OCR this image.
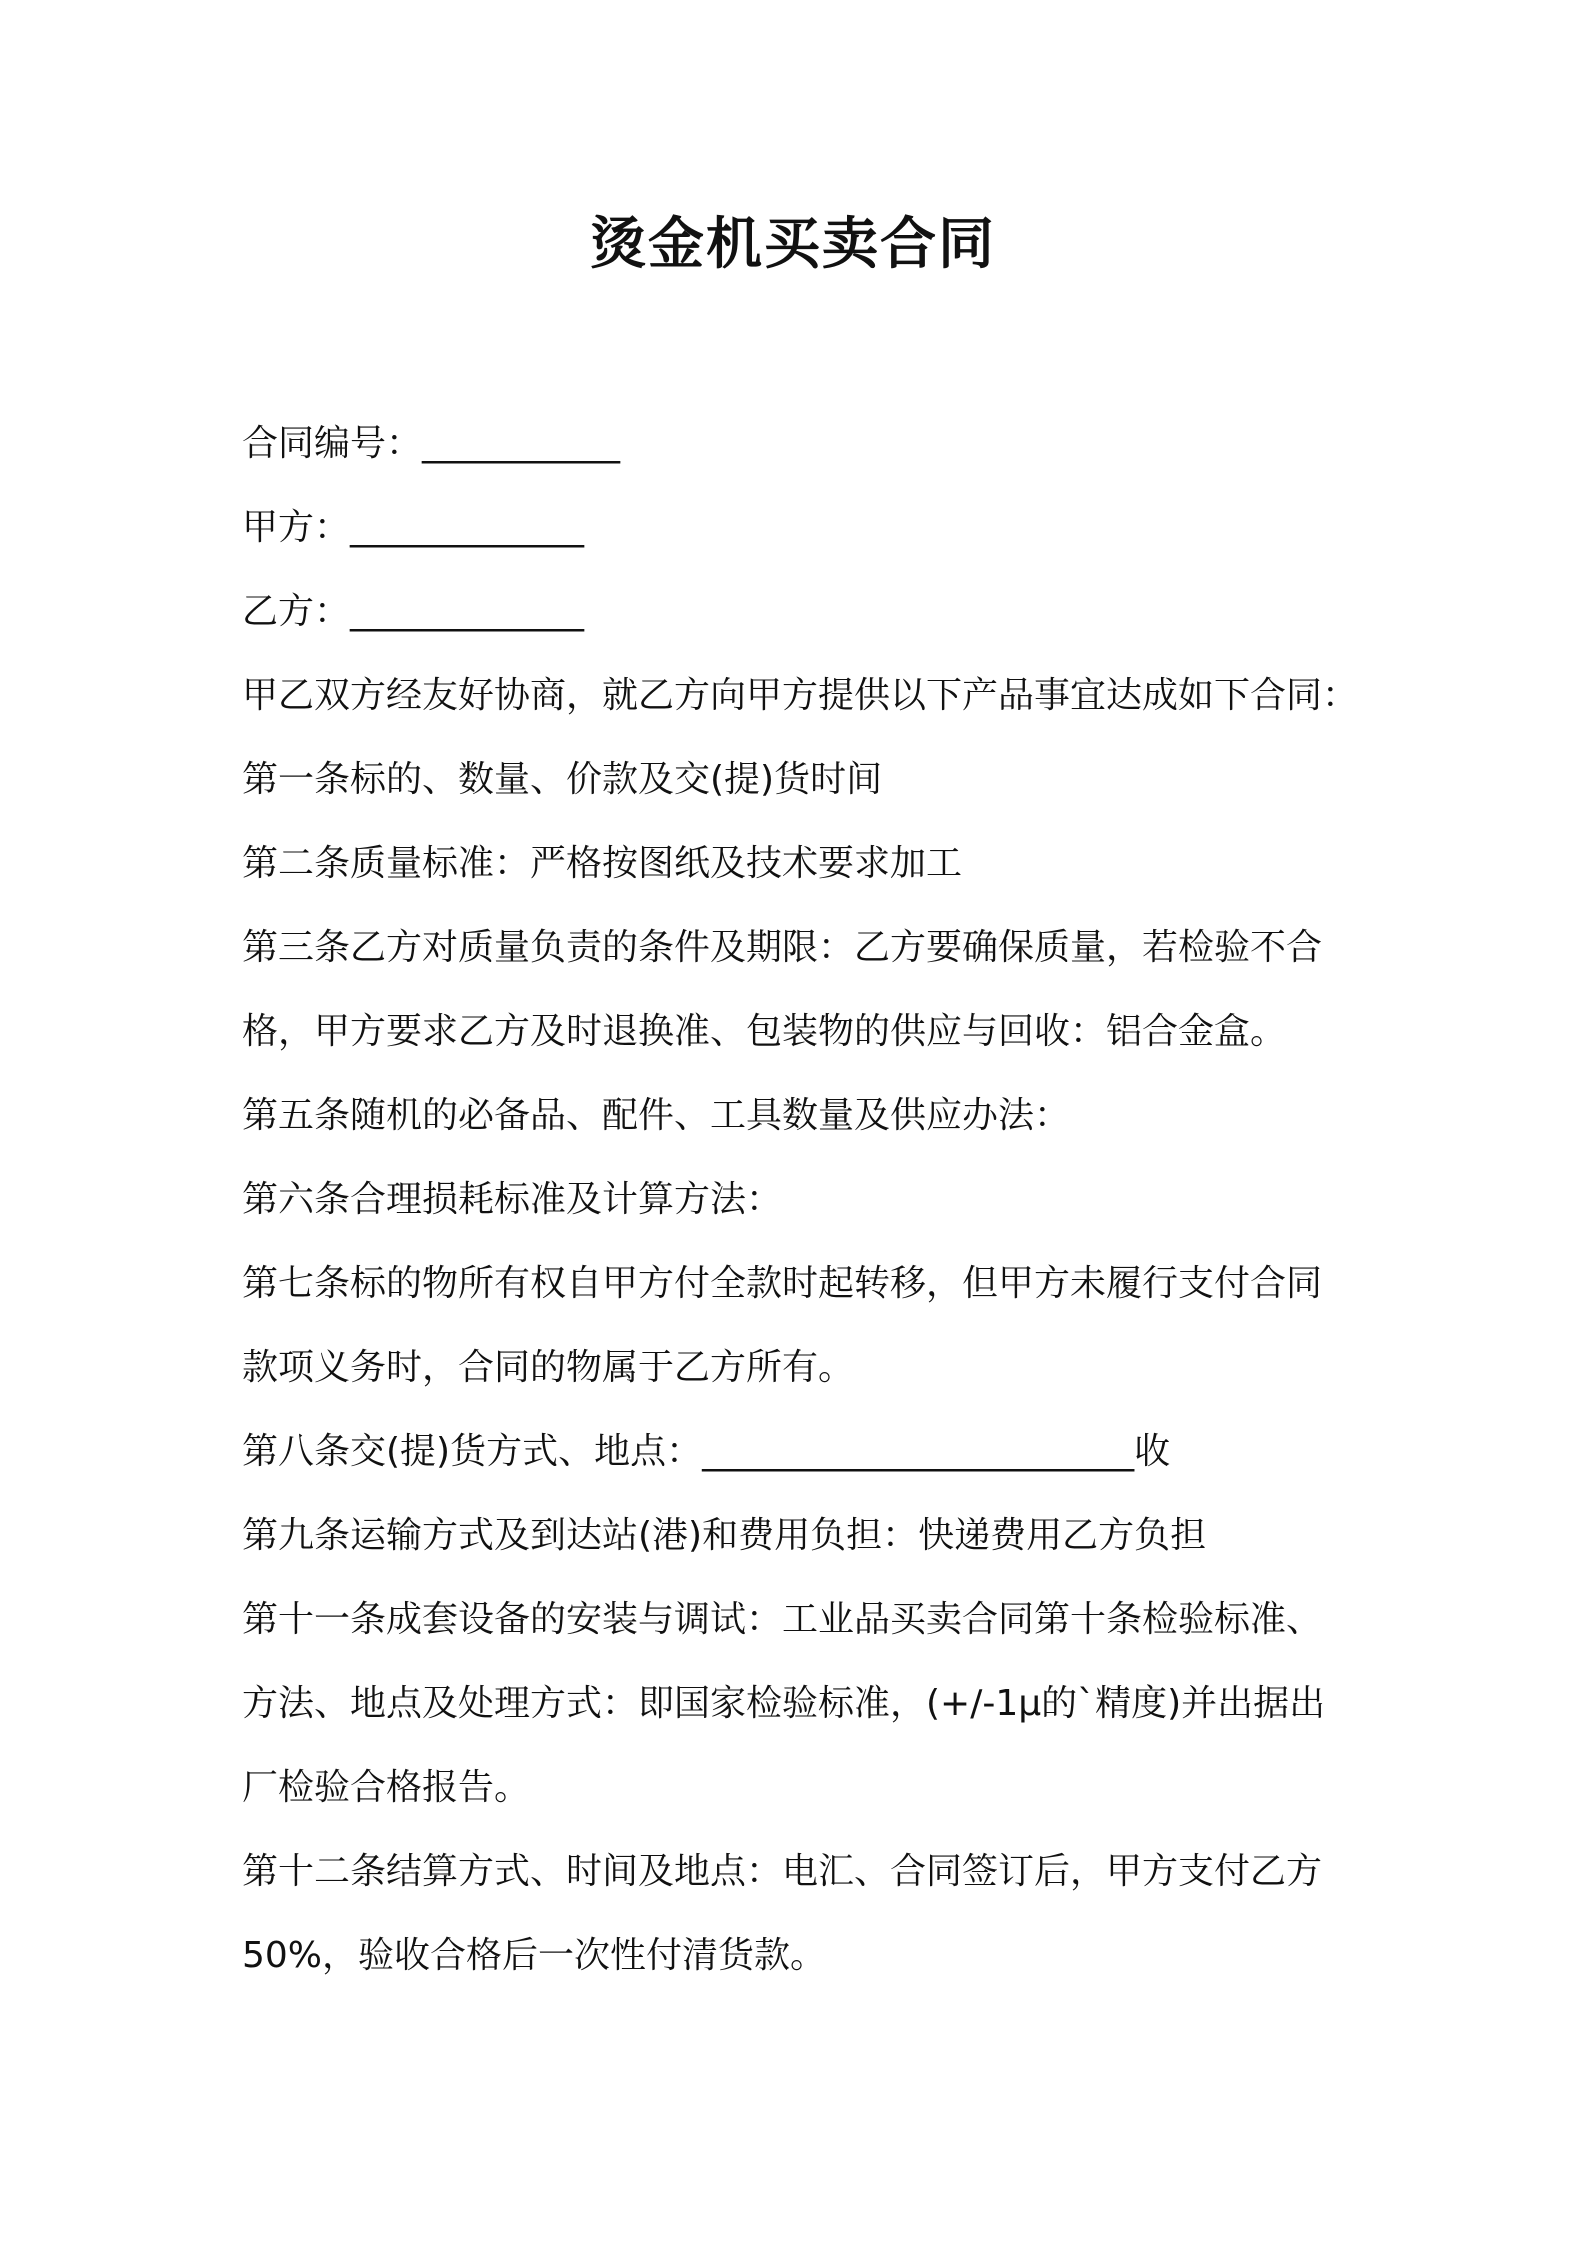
烫金机买卖合同
合同编号：___________
甲方：_____________
乙方：_____________
甲乙双方经友好协商，就乙方向甲方提供以下产品事宜达成如下合同：
第一条标的、数量、价款及交(提)货时间
第二条质量标准：严格按图纸及技术要求加工
第三条乙方对质量负责的条件及期限：乙方要确保质量，若检验不合
格，甲方要求乙方及时退换准、包装物的供应与回收：铝合金盒。
第五条随机的必备品、配件、工具数量及供应办法：
第六条合理损耗标准及计算方法：
第七条标的物所有权自甲方付全款时起转移，但甲方未履行支付合同
款项义务时，合同的物属于乙方所有。
第八条交(提)货方式、地点：________________________收
第九条运输方式及到达站(港)和费用负担：快递费用乙方负担
第十一条成套设备的安装与调试：工业品买卖合同第十条检验标准、
方法、地点及处理方式：即国家检验标准，(+/-1μ的`精度)并出据出
厂检验合格报告。
第十二条结算方式、时间及地点：电汇、合同签订后，甲方支付乙方
50%，验收合格后一次性付清货款。
